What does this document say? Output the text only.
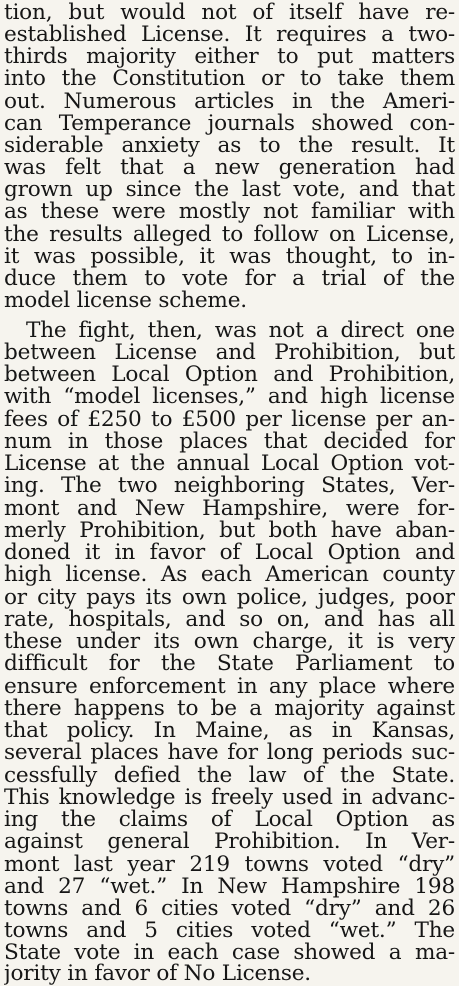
tion, but would not of itself have re-
established License. It requires a two-
thirds majority either to put matters
into the Constitution or to take them
out. Numerous articles in the Ameri-
can Temperance journals showed con-
siderable anxiety as to the result. It
was felt that a new generation had
grown up since the last vote, and that
as these were mostly not familiar with
the results alleged to follow on License,
it was possible, it was thought, to in-
duce them to vote for a trial of the
model license scheme.
The fight, then, was not a direct one
between License and Prohibition, but
between Local Option and Prohibition,
with “model licenses,” and high license
fees of £250 to £500 per license per an-
num in those places that decided for
License at the annual Local Option vot-
ing. The two neighboring States, Ver-
mont and New Hampshire, were for-
merly Prohibition, but both have aban-
doned it in favor of Local Option and
high license. As each American county
or city pays its own police, judges, poor
rate, hospitals, and so on, and has all
these under its own charge, it is very
difficult for the State Parliament to
ensure enforcement in any place where
there happens to be a majority against
that policy. In Maine, as in Kansas,
several places have for long periods suc-
cessfully defied the law of the State.
This knowledge is freely used in advanc-
ing the claims of Local Option as
against general Prohibition. In Ver-
mont last year 219 towns voted “dry”
and 27 “wet.” In New Hampshire 198
towns and 6 cities voted “dry” and 26
towns and 5 cities voted “wet.” The
State vote in each case showed a ma-
jority in favor of No License.
